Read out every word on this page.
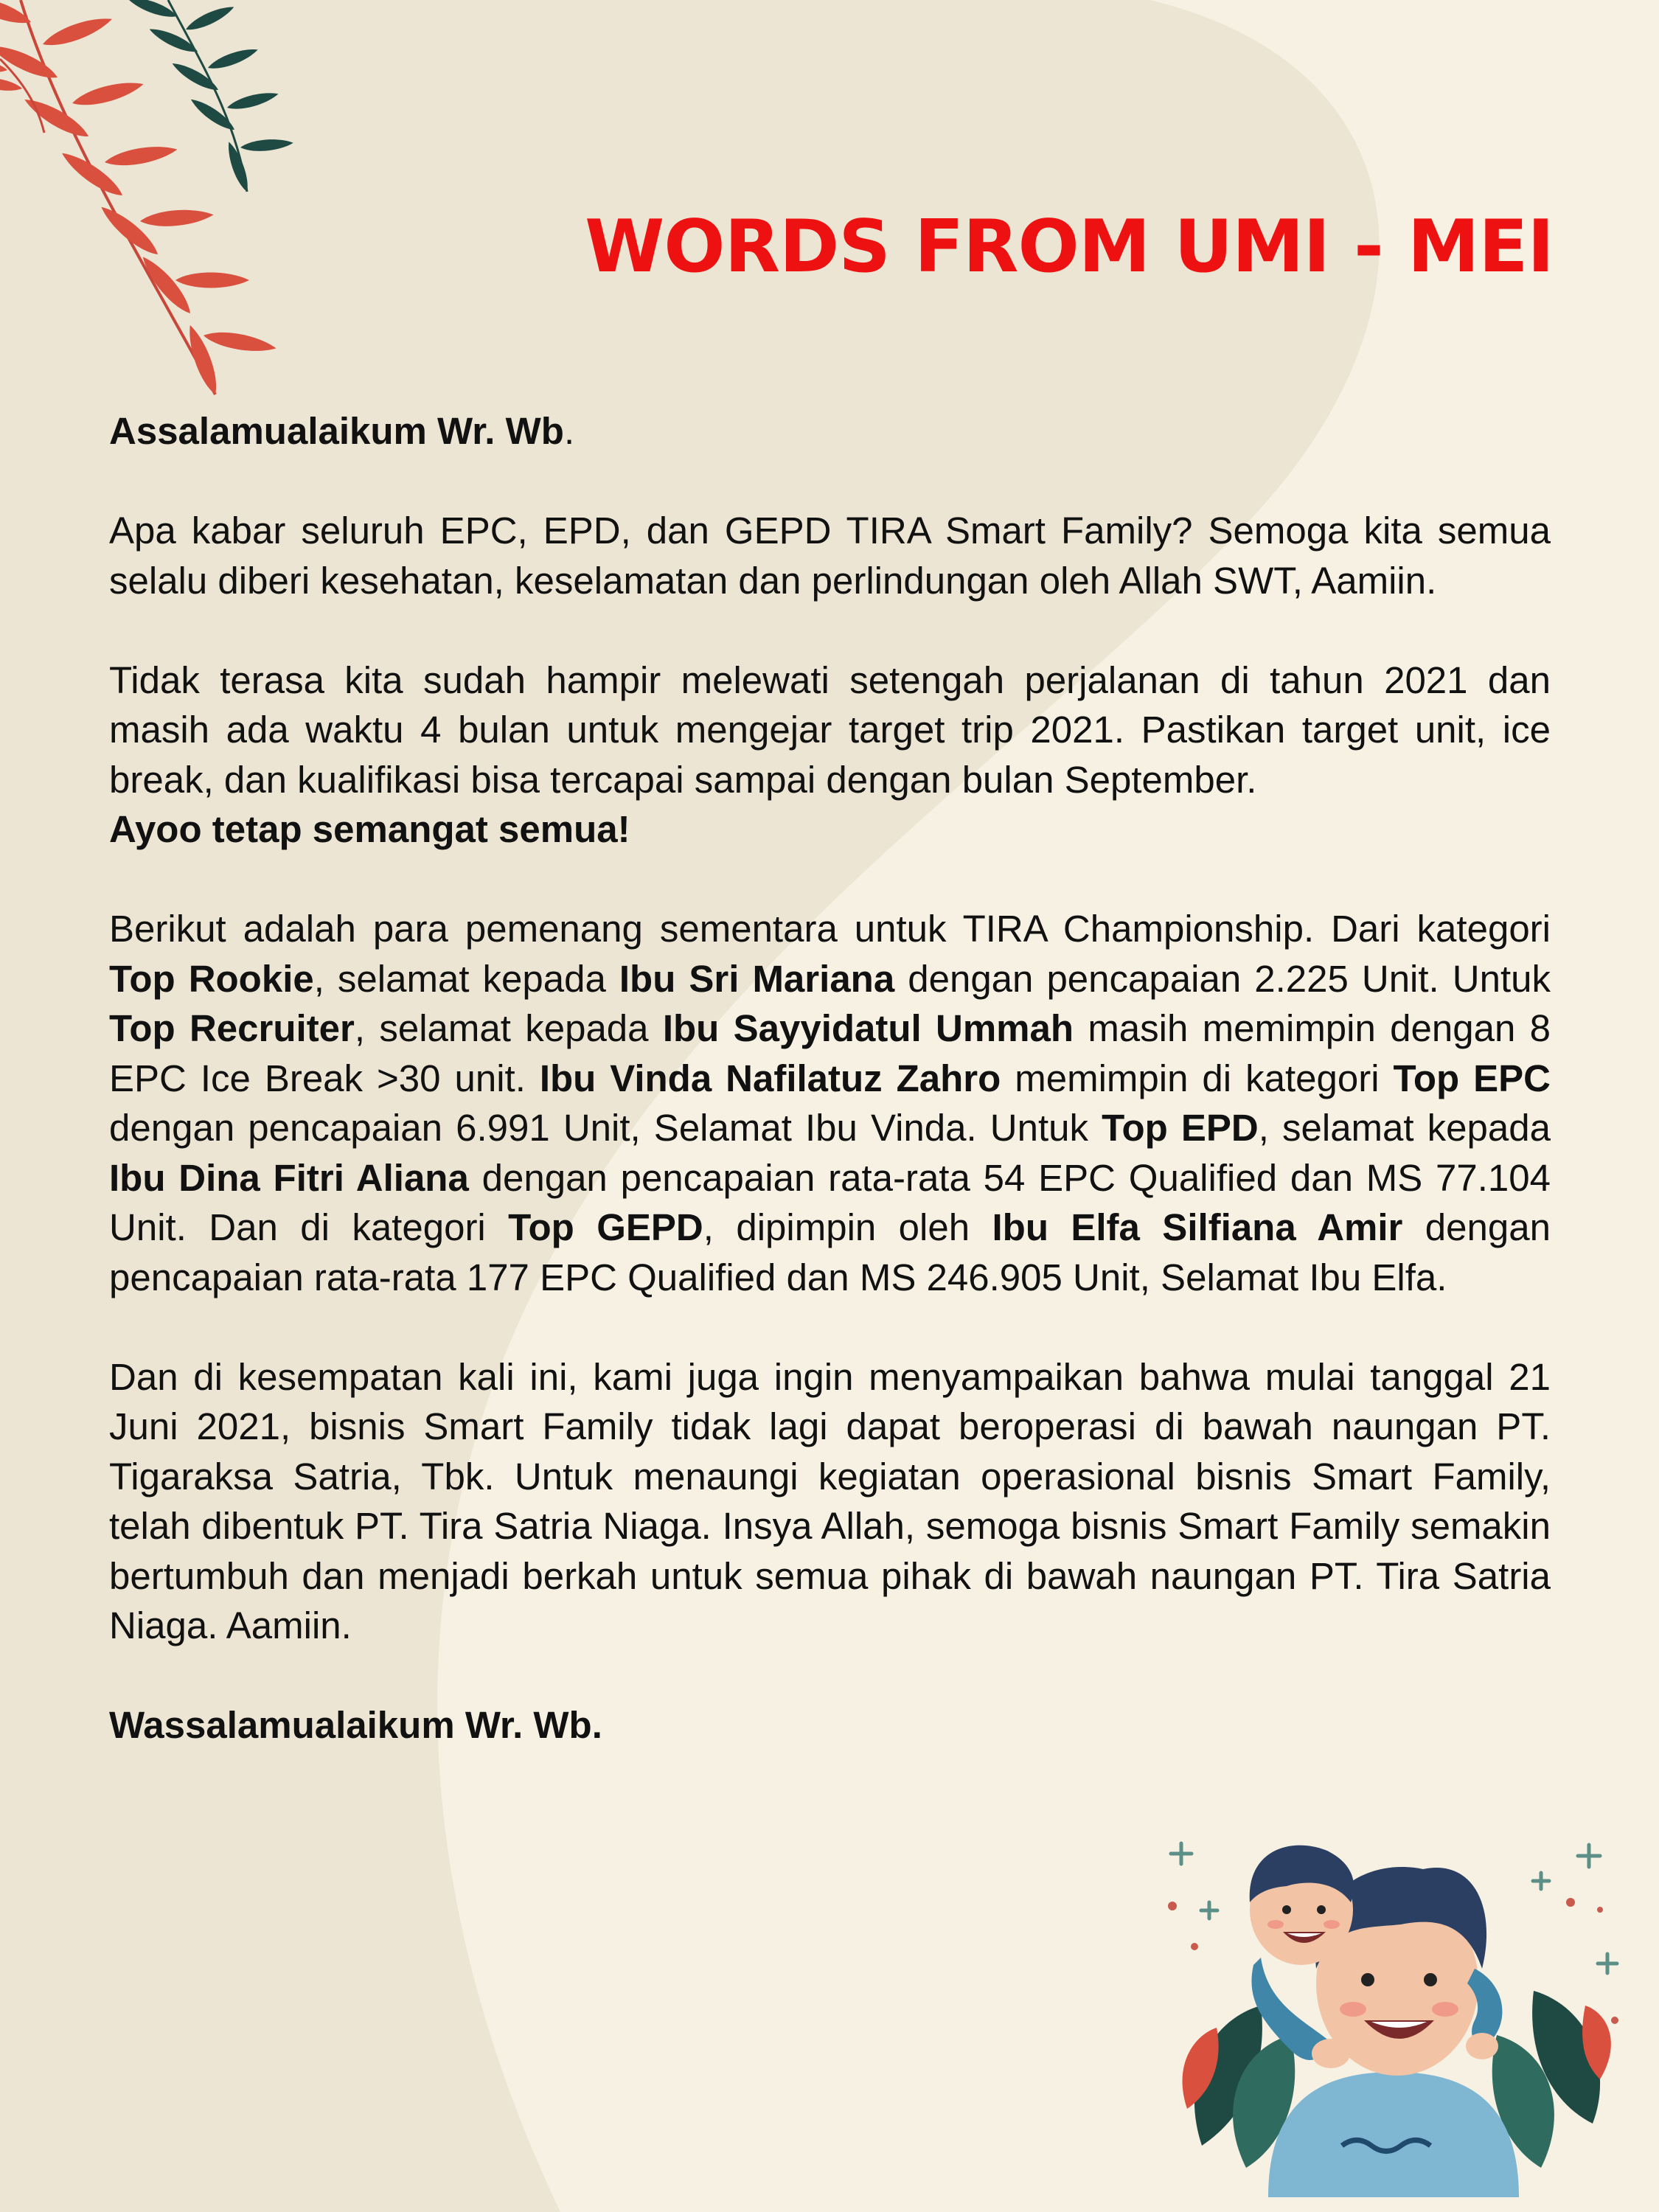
WORDS FROM UMI - MEI

Assalamualaikum Wr. Wb.

Apa kabar seluruh EPC, EPD, dan GEPD TIRA Smart Family? Semoga kita semua selalu diberi kesehatan, keselamatan dan perlindungan oleh Allah SWT, Aamiin.

Tidak terasa kita sudah hampir melewati setengah perjalanan di tahun 2021 dan masih ada waktu 4 bulan untuk mengejar target trip 2021. Pastikan target unit, ice break, dan kualifikasi bisa tercapai sampai dengan bulan September.
Ayoo tetap semangat semua!

Berikut adalah para pemenang sementara untuk TIRA Championship. Dari kategori Top Rookie, selamat kepada Ibu Sri Mariana dengan pencapaian 2.225 Unit. Untuk Top Recruiter, selamat kepada Ibu Sayyidatul Ummah masih memimpin dengan 8 EPC Ice Break >30 unit. Ibu Vinda Nafilatuz Zahro memimpin di kategori Top EPC dengan pencapaian 6.991 Unit, Selamat Ibu Vinda. Untuk Top EPD, selamat kepada Ibu Dina Fitri Aliana dengan pencapaian rata-rata 54 EPC Qualified dan MS 77.104 Unit. Dan di kategori Top GEPD, dipimpin oleh Ibu Elfa Silfiana Amir dengan pencapaian rata-rata 177 EPC Qualified dan MS 246.905 Unit, Selamat Ibu Elfa.

Dan di kesempatan kali ini, kami juga ingin menyampaikan bahwa mulai tanggal 21 Juni 2021, bisnis Smart Family tidak lagi dapat beroperasi di bawah naungan PT. Tigaraksa Satria, Tbk. Untuk menaungi kegiatan operasional bisnis Smart Family, telah dibentuk PT. Tira Satria Niaga. Insya Allah, semoga bisnis Smart Family semakin bertumbuh dan menjadi berkah untuk semua pihak di bawah naungan PT. Tira Satria Niaga. Aamiin.

Wassalamualaikum Wr. Wb.
